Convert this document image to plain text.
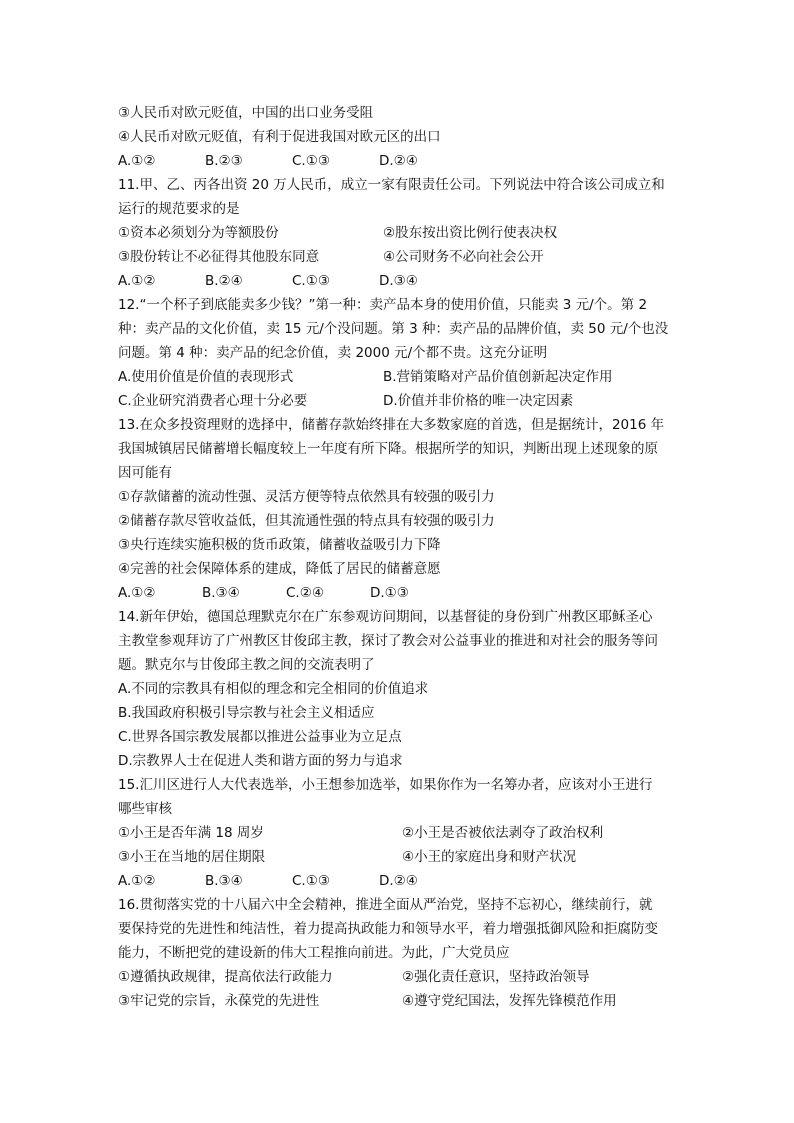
③人民币对欧元贬值，中国的出口业务受阻
④人民币对欧元贬值，有利于促进我国对欧元区的出口
A.①②	B.②③	C.①③	D.②④
11.甲、乙、丙各出资 20 万人民币，成立一家有限责任公司。下列说法中符合该公司成立和
运行的规范要求的是
①资本必须划分为等额股份	②股东按出资比例行使表决权
③股份转让不必征得其他股东同意	④公司财务不必向社会公开
A.①②	B.②④	C.①③	D.③④
12.“一个杯子到底能卖多少钱？”第一种：卖产品本身的使用价值，只能卖 3 元/个。第 2
种：卖产品的文化价值，卖 15 元/个没问题。第 3 种：卖产品的品牌价值，卖 50 元/个也没
问题。第 4 种：卖产品的纪念价值，卖 2000 元/个都不贵。这充分证明
A.使用价值是价值的表现形式	B.营销策略对产品价值创新起决定作用
C.企业研究消费者心理十分必要	D.价值并非价格的唯一决定因素
13.在众多投资理财的选择中，储蓄存款始终排在大多数家庭的首选，但是据统计，2016 年
我国城镇居民储蓄增长幅度较上一年度有所下降。根据所学的知识，判断出现上述现象的原
因可能有
①存款储蓄的流动性强、灵活方便等特点依然具有较强的吸引力
②储蓄存款尽管收益低，但其流通性强的特点具有较强的吸引力
③央行连续实施积极的货币政策，储蓄收益吸引力下降
④完善的社会保障体系的建成，降低了居民的储蓄意愿
A.①②	B.③④	C.②④	D.①③
14.新年伊始，德国总理默克尔在广东参观访问期间，以基督徒的身份到广州教区耶稣圣心
主教堂参观拜访了广州教区甘俊邱主教，探讨了教会对公益事业的推进和对社会的服务等问
题。默克尔与甘俊邱主教之间的交流表明了
A.不同的宗教具有相似的理念和完全相同的价值追求
B.我国政府积极引导宗教与社会主义相适应
C.世界各国宗教发展都以推进公益事业为立足点
D.宗教界人士在促进人类和谐方面的努力与追求
15.汇川区进行人大代表选举，小王想参加选举，如果你作为一名筹办者，应该对小王进行
哪些审核
①小王是否年满 18 周岁	②小王是否被依法剥夺了政治权利
③小王在当地的居住期限	④小王的家庭出身和财产状况
A.①②	B.③④	C.①③	D.②④
16.贯彻落实党的十八届六中全会精神，推进全面从严治党，坚持不忘初心，继续前行，就
要保持党的先进性和纯洁性，着力提高执政能力和领导水平，着力增强抵御风险和拒腐防变
能力，不断把党的建设新的伟大工程推向前进。为此，广大党员应
①遵循执政规律，提高依法行政能力	②强化责任意识，坚持政治领导
③牢记党的宗旨，永葆党的先进性	④遵守党纪国法，发挥先锋模范作用
